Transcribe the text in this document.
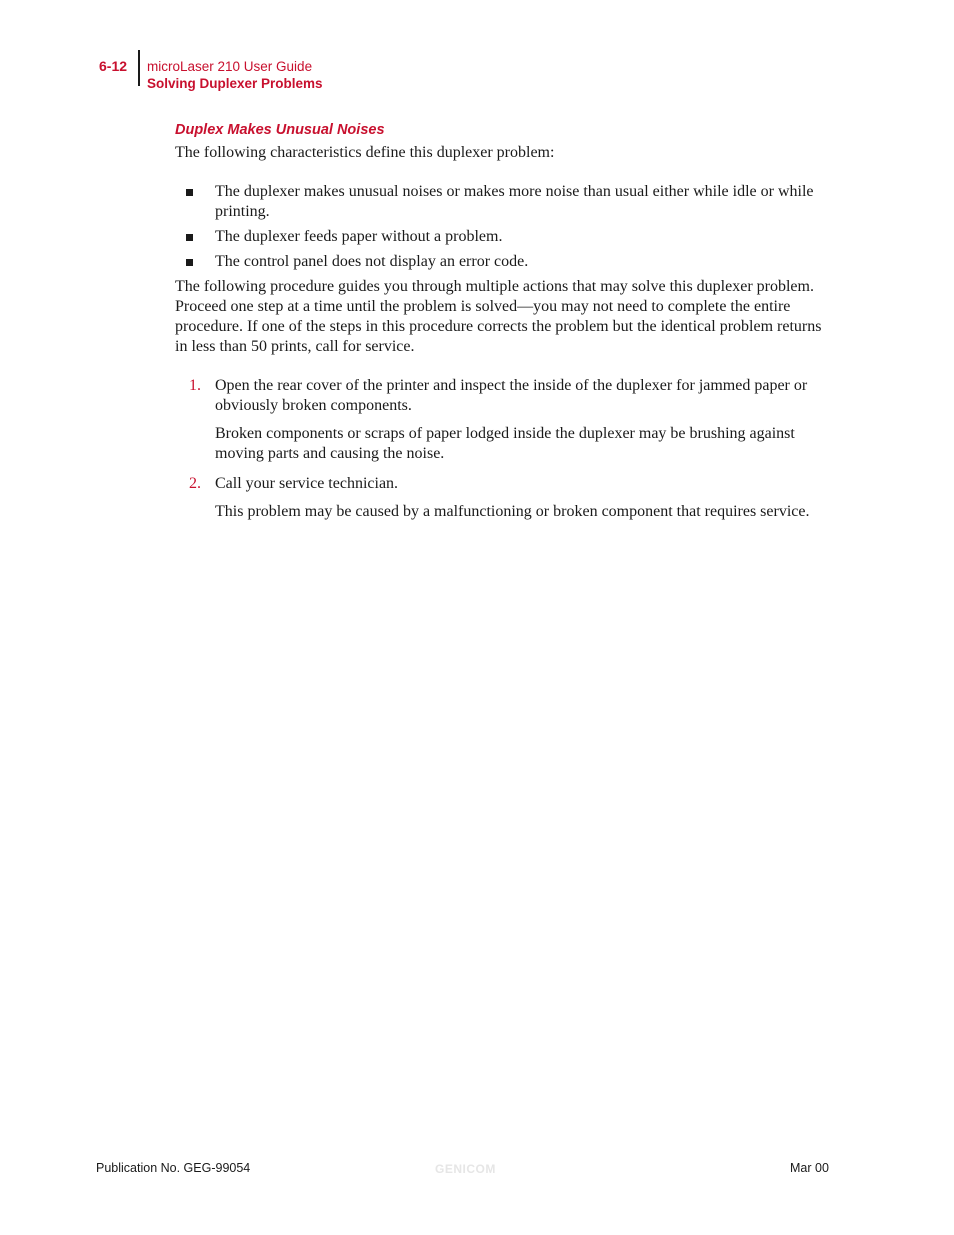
6-12 microLaser 210 User Guide
Solving Duplexer Problems
Duplex Makes Unusual Noises

The following characteristics define this duplexer problem:

The duplexer makes unusual noises or makes more noise than usual either while idle or while printing.
The duplexer feeds paper without a problem.
The control panel does not display an error code.

The following procedure guides you through multiple actions that may solve this duplexer problem. Proceed one step at a time until the problem is solved—you may not need to complete the entire procedure. If one of the steps in this procedure corrects the problem but the identical problem returns in less than 50 prints, call for service.

1. Open the rear cover of the printer and inspect the inside of the duplexer for jammed paper or obviously broken components.

Broken components or scraps of paper lodged inside the duplexer may be brushing against moving parts and causing the noise.

2. Call your service technician.

This problem may be caused by a malfunctioning or broken component that requires service.

Publication No. GEG-99054	GENICOM	Mar 00
